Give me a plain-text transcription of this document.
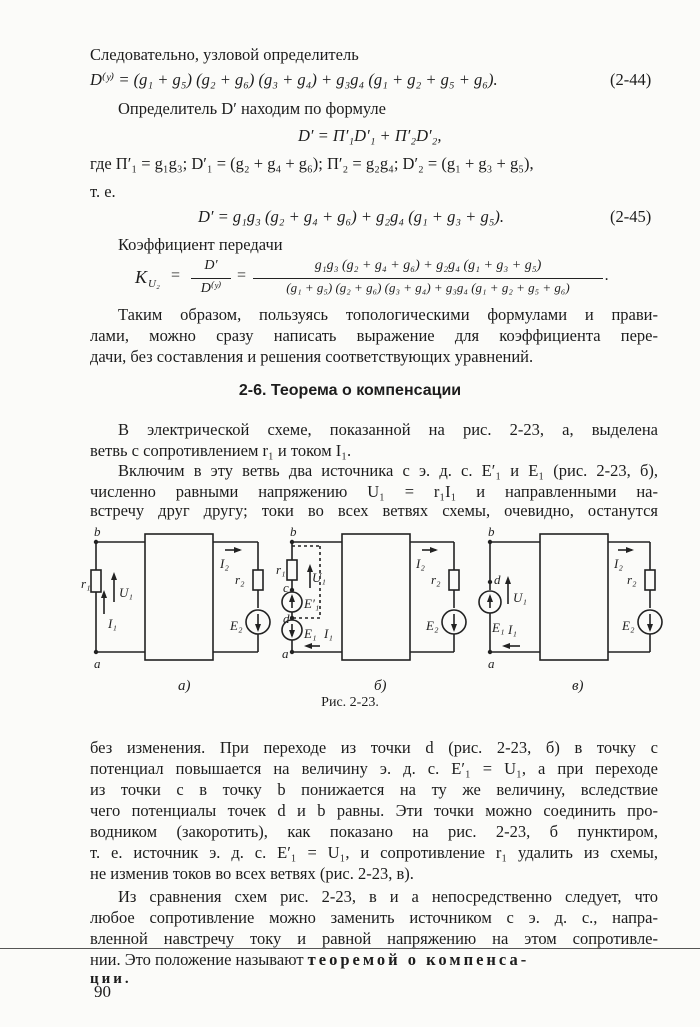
Следовательно, узловой определитель
D⁽ʸ⁾ = (g₁ + g₅) (g₂ + g₆) (g₃ + g₄) + g₃g₄ (g₁ + g₂ + g₅ + g₆).	(2-44)
Определитель D′ находим по формуле
D′ = Π′₁D′₁ + Π′₂D′₂,
где Π′₁ = g₁g₃; D′₁ = (g₂ + g₄ + g₆); Π′₂ = g₂g₄; D′₂ = (g₁ + g₃ + g₅),
т. е.
D′ = g₁g₃ (g₂ + g₄ + g₆) + g₂g₄ (g₁ + g₃ + g₅).	(2-45)
Коэффициент передачи
K U₂ =
D′
D⁽ʸ⁾
=
g₁g₃ (g₂ + g₄ + g₆) + g₂g₄ (g₁ + g₃ + g₅)
(g₁ + g₅) (g₂ + g₆) (g₃ + g₄) + g₃g₄ (g₁ + g₂ + g₅ + g₆)
.
Таким образом, пользуясь топологическими формулами и прави-
лами, можно сразу написать выражение для коэффициента пере-
дачи, без составления и решения соответствующих уравнений.
2-6. Теорема о компенсации
В электрической схеме, показанной на рис. 2-23, а, выделена
ветвь с сопротивлением r₁ и током I₁.
Включим в эту ветвь два источника с э. д. с. E′₁ и E₁ (рис. 2-23, б),
численно равными напряжению U₁ = r₁I₁ и направленными на-
встречу друг другу; токи во всех ветвях схемы, очевидно, останутся
b
a
r₁
U₁
I₁
I₂
r₂
E₂
а)
b
c
d
a
r₁
U₁
E′₁
E₁ I₁
I₂
r₂
E₂
б)
b
d
a
U₁
E₁ I₁
I₂
r₂
E₂
в)
Рис. 2-23.
без изменения. При переходе из точки d (рис. 2-23, б) в точку c
потенциал повышается на величину э. д. с. E′₁ = U₁, а при переходе
из точки c в точку b понижается на ту же величину, вследствие
чего потенциалы точек d и b равны. Эти точки можно соединить про-
водником (закоротить), как показано на рис. 2-23, б пунктиром,
т. е. источник э. д. с. E′₁ = U₁, и сопротивление r₁ удалить из схемы,
не изменив токов во всех ветвях (рис. 2-23, в).
Из сравнения схем рис. 2-23, в и а непосредственно следует, что
любое сопротивление можно заменить источником с э. д. с., напра-
вленной навстречу току и равной напряжению на этом сопротивле-
нии. Это положение называют теоремой о компенса-
ции.
90
